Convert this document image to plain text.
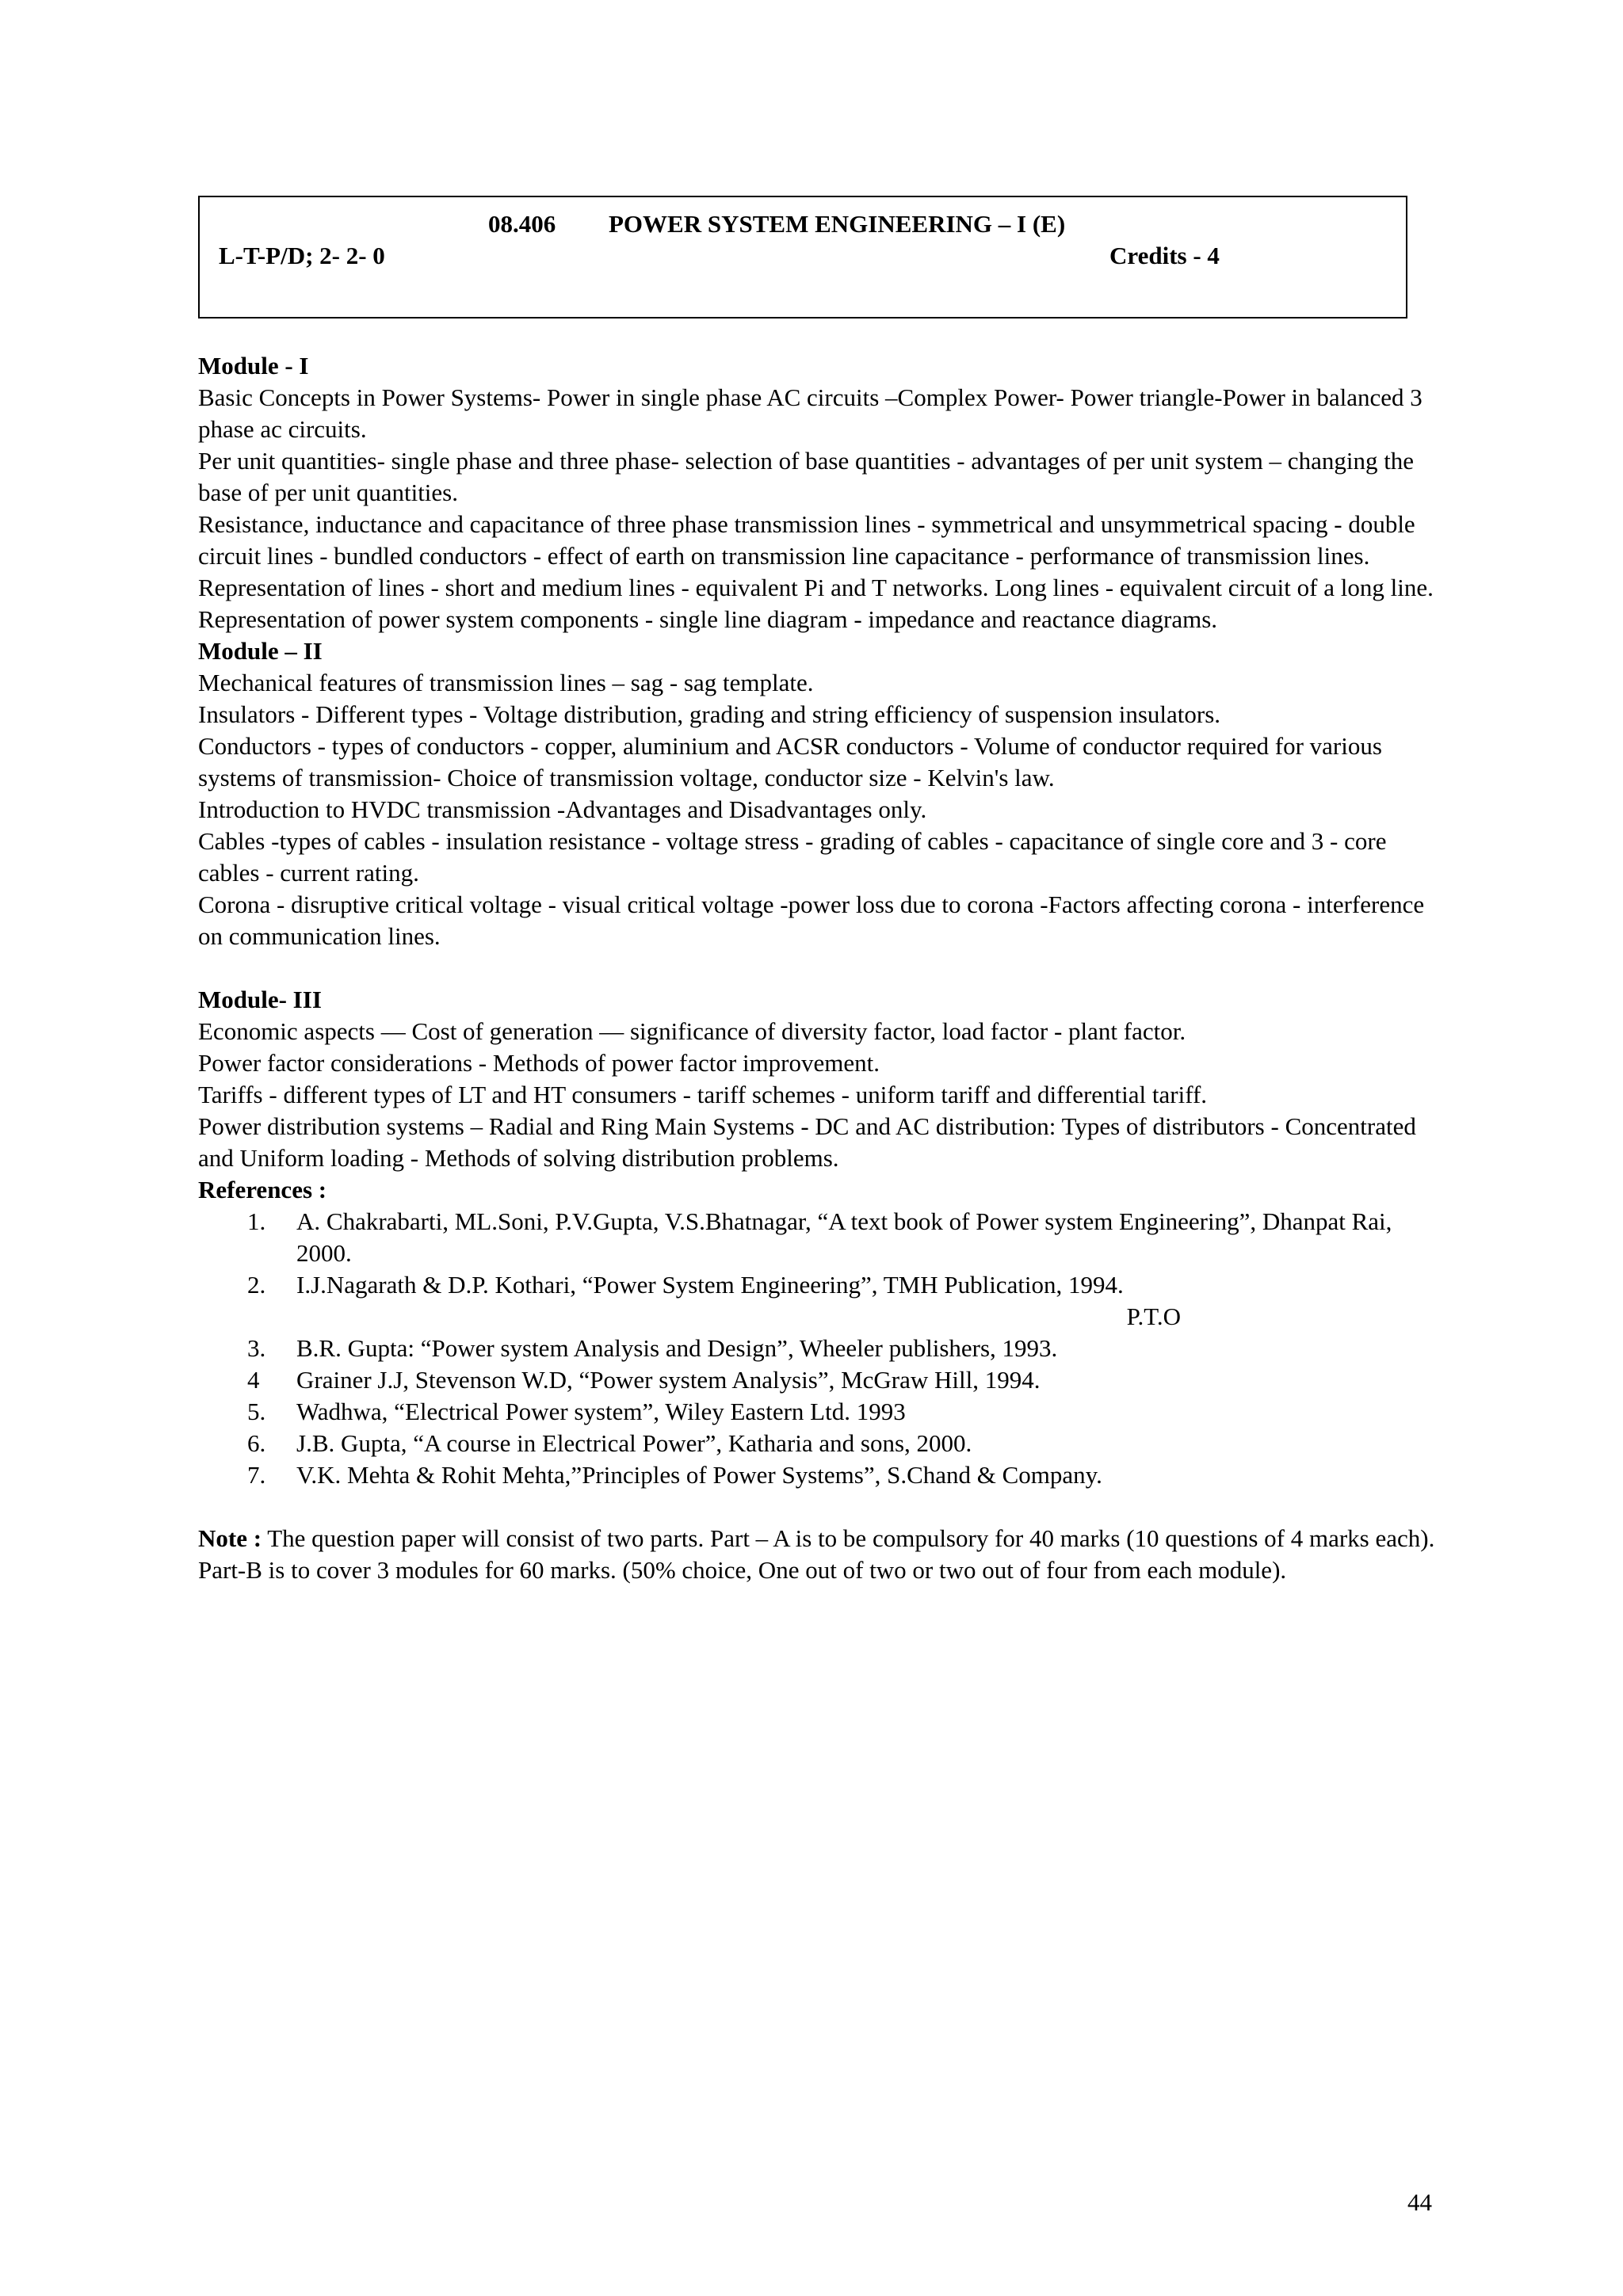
08.406 POWER SYSTEM ENGINEERING – I (E)
L-T-P/D; 2- 2- 0	Credits - 4

Module - I

Basic Concepts in Power Systems- Power in single phase AC circuits –Complex Power- Power triangle-Power in balanced 3 phase ac circuits.

Per unit quantities- single phase and three phase- selection of base quantities - advantages of per unit system – changing the base of per unit quantities.

Resistance, inductance and capacitance of three phase transmission lines - symmetrical and unsymmetrical spacing - double circuit lines - bundled conductors - effect of earth on transmission line capacitance - performance of transmission lines.

Representation of lines - short and medium lines - equivalent Pi and T networks. Long lines - equivalent circuit of a long line.

Representation of power system components - single line diagram - impedance and reactance diagrams.

Module – II

Mechanical features of transmission lines – sag - sag template.

Insulators - Different types - Voltage distribution, grading and string efficiency of suspension insulators.

Conductors - types of conductors - copper, aluminium and ACSR conductors - Volume of conductor required for various systems of transmission- Choice of transmission voltage, conductor size - Kelvin's law.

Introduction to HVDC transmission -Advantages and Disadvantages only.

Cables -types of cables - insulation resistance - voltage stress - grading of cables - capacitance of single core and 3 - core cables - current rating.

Corona - disruptive critical voltage - visual critical voltage -power loss due to corona -Factors affecting corona - interference on communication lines.

Module- III

Economic aspects — Cost of generation — significance of diversity factor, load factor - plant factor.

Power factor considerations - Methods of power factor improvement.

Tariffs - different types of LT and HT consumers - tariff schemes - uniform tariff and differential tariff.

Power distribution systems – Radial and Ring Main Systems - DC and AC distribution: Types of distributors - Concentrated and Uniform loading - Methods of solving distribution problems.

References :

1.	A. Chakrabarti, ML.Soni, P.V.Gupta, V.S.Bhatnagar, “A text book of Power system Engineering”, Dhanpat Rai, 2000.
2.	I.J.Nagarath & D.P. Kothari, “Power System Engineering”, TMH Publication, 1994.

P.T.O

3.	B.R. Gupta: “Power system Analysis and Design”, Wheeler publishers, 1993.
4	Grainer J.J, Stevenson W.D, “Power system Analysis”, McGraw Hill, 1994.
5.	Wadhwa, “Electrical Power system”, Wiley Eastern Ltd. 1993
6.	J.B. Gupta, “A course in Electrical Power”, Katharia and sons, 2000.
7.	V.K. Mehta & Rohit Mehta,”Principles of Power Systems”, S.Chand & Company.

Note : The question paper will consist of two parts. Part – A is to be compulsory for 40 marks (10 questions of 4 marks each). Part-B is to cover 3 modules for 60 marks. (50% choice, One out of two or two out of four from each module).

44
